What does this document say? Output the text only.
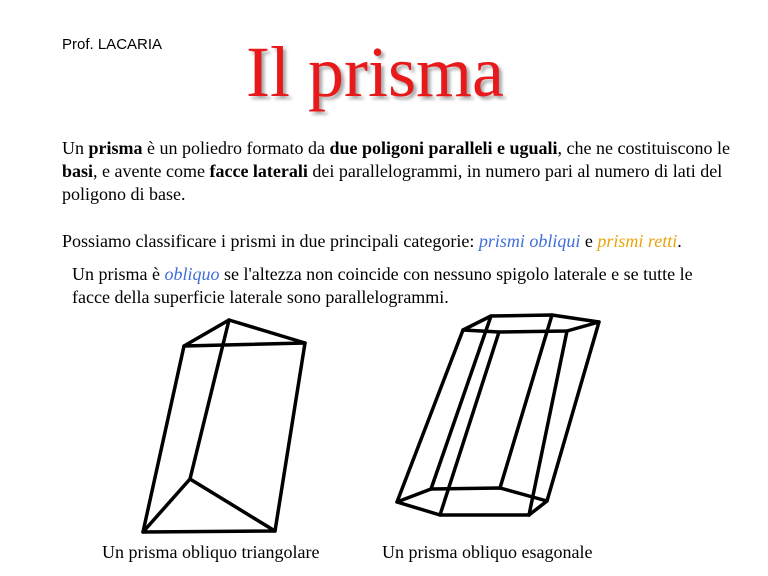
Prof. LACARIA Il prisma
Un prisma è un poliedro formato da due poligoni paralleli e uguali, che ne costituiscono le basi, e avente come facce laterali dei parallelogrammi, in numero pari al numero di lati del poligono di base.
Possiamo classificare i prismi in due principali categorie: prismi obliqui e prismi retti.
Un prisma è obliquo se l'altezza non coincide con nessuno spigolo laterale e se tutte le facce della superficie laterale sono parallelogrammi.
Un prisma obliquo triangolare	Un prisma obliquo esagonale
